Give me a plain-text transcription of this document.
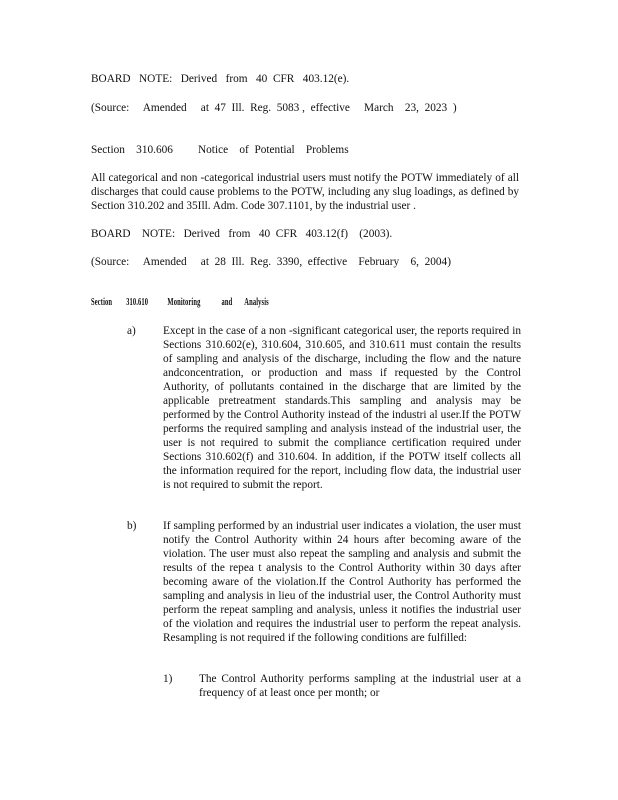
BOARD   NOTE:   Derived   from   40  CFR   403.12(e).
(Source:     Amended     at  47  Ill.  Reg.  5083 ,  effective     March    23,  2023  )
Section    310.606 Notice    of  Potential    Problems
All categorical and non -categorical industrial users must notify the POTW immediately of all discharges that could cause problems to the POTW, including any slug loadings, as defined by Section 310.202 and 35Ill. Adm. Code 307.1101, by the industrial user .
BOARD    NOTE:   Derived   from   40  CFR   403.12(f)    (2003).
(Source:     Amended     at  28  Ill.  Reg.  3390,  effective    February    6,  2004)
Section        310.610           Monitoring            and       Analysis
a) Except in the case of a non -significant categorical user, the reports required in Sections 310.602(e), 310.604, 310.605, and 310.611 must contain the results of sampling and analysis of the discharge, including the flow and the nature andconcentration, or production and mass if requested by the Control Authority, of pollutants contained in the discharge that are limited by the applicable pretreatment standards.This sampling and analysis may be performed by the Control Authority instead of the industri al user.If the POTW performs the required sampling and analysis instead of the industrial user, the user is not required to submit the compliance certification required under Sections 310.602(f) and 310.604. In addition, if the POTW itself collects all the information required for the report, including flow data, the industrial user is not required to submit the report.
b) If sampling performed by an industrial user indicates a violation, the user must notify the Control Authority within 24 hours after becoming aware of the violation. The user must also repeat the sampling and analysis and submit the results of the repea t analysis to the Control Authority within 30 days after becoming aware of the violation.If the Control Authority has performed the sampling and analysis in lieu of the industrial user, the Control Authority must perform the repeat sampling and analysis, unless it notifies the industrial user of the violation and requires the industrial user to perform the repeat analysis. Resampling is not required if the following conditions are fulfilled:
1) The Control Authority performs sampling at the industrial user at a frequency of at least once per month; or
